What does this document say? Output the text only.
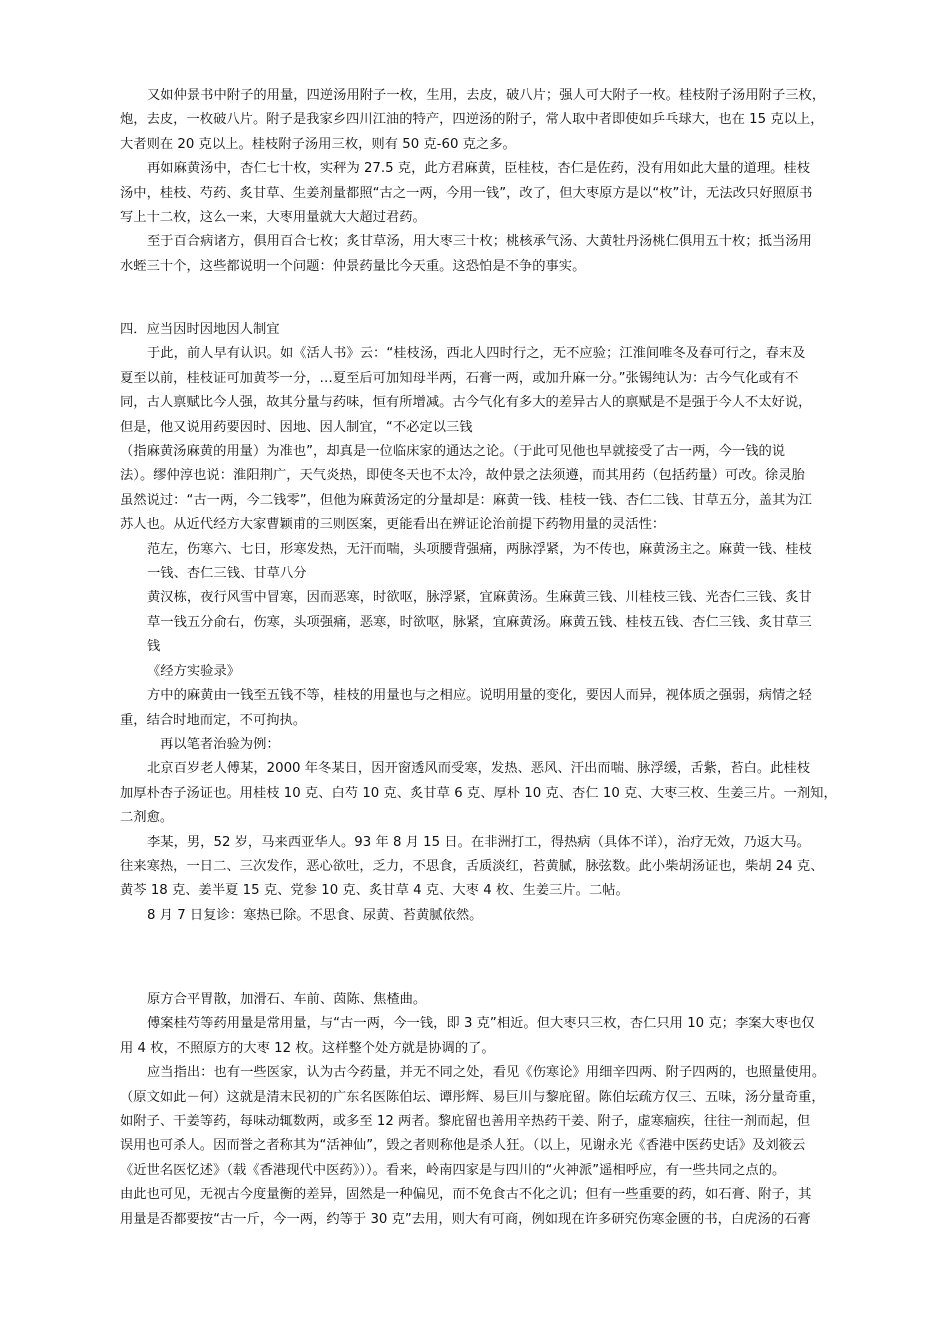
又如仲景书中附子的用量，四逆汤用附子一枚，生用，去皮，破八片；强人可大附子一枚。桂枝附子汤用附子三枚，

炮，去皮，一枚破八片。附子是我家乡四川江油的特产，四逆汤的附子，常人取中者即使如乒乓球大，也在 15 克以上，

大者则在 20 克以上。桂枝附子汤用三枚，则有 50 克-60 克之多。

再如麻黄汤中，杏仁七十枚，实秤为 27.5 克，此方君麻黄，臣桂枝，杏仁是佐药，没有用如此大量的道理。桂枝

汤中，桂枝、芍药、炙甘草、生姜剂量都照“古之一两，今用一钱”，改了，但大枣原方是以“枚”计，无法改只好照原书

写上十二枚，这么一来，大枣用量就大大超过君药。

至于百合病诸方，俱用百合七枚；炙甘草汤，用大枣三十枚；桃核承气汤、大黄牡丹汤桃仁俱用五十枚；抵当汤用

水蛭三十个，这些都说明一个问题：仲景药量比今天重。这恐怕是不争的事实。

四．应当因时因地因人制宜

于此，前人早有认识。如《活人书》云：“桂枝汤，西北人四时行之，无不应验；江淮间唯冬及春可行之，春末及

夏至以前，桂枝证可加黄芩一分，…夏至后可加知母半两，石膏一两，或加升麻一分。”张锡纯认为：古今气化或有不

同，古人禀赋比今人强，故其分量与药味，恒有所增减。古今气化有多大的差异古人的禀赋是不是强于今人不太好说，

但是，他又说用药要因时、因地、因人制宜，“不必定以三钱

（指麻黄汤麻黄的用量）为准也”，却真是一位临床家的通达之论。（于此可见他也早就接受了古一两，今一钱的说

法）。缪仲淳也说：淮阳荆广，天气炎热，即使冬天也不太冷，故仲景之法须遵，而其用药（包括药量）可改。徐灵胎

虽然说过：“古一两，今二钱零”，但他为麻黄汤定的分量却是：麻黄一钱、桂枝一钱、杏仁二钱、甘草五分，盖其为江

苏人也。从近代经方大家曹颖甫的三则医案，更能看出在辨证论治前提下药物用量的灵活性：

范左，伤寒六、七日，形寒发热，无汗而喘，头项腰背强痛，两脉浮紧，为不传也，麻黄汤主之。麻黄一钱、桂枝

一钱、杏仁三钱、甘草八分

黄汉栋，夜行风雪中冒寒，因而恶寒，时欲呕，脉浮紧，宜麻黄汤。生麻黄三钱、川桂枝三钱、光杏仁三钱、炙甘

草一钱五分俞右，伤寒，头项强痛，恶寒，时欲呕，脉紧，宜麻黄汤。麻黄五钱、桂枝五钱、杏仁三钱、炙甘草三

钱

《经方实验录》

方中的麻黄由一钱至五钱不等，桂枝的用量也与之相应。说明用量的变化，要因人而异，视体质之强弱，病情之轻

重，结合时地而定，不可拘执。

再以笔者治验为例：

北京百岁老人傅某，2000 年冬某日，因开窗透风而受寒，发热、恶风、汗出而喘、脉浮缓，舌紫，苔白。此桂枝

加厚朴杏子汤证也。用桂枝 10 克、白芍 10 克、炙甘草 6 克、厚朴 10 克、杏仁 10 克、大枣三枚、生姜三片。一剂知，

二剂愈。

李某，男，52 岁，马来西亚华人。93 年 8 月 15 日。在非洲打工，得热病（具体不详），治疗无效，乃返大马。

往来寒热，一日二、三次发作，恶心欲吐，乏力，不思食，舌质淡红，苔黄腻，脉弦数。此小柴胡汤证也，柴胡 24 克、

黄芩 18 克、姜半夏 15 克、党参 10 克、炙甘草 4 克、大枣 4 枚、生姜三片。二帖。

8 月 7 日复诊：寒热已除。不思食、尿黄、苔黄腻依然。

原方合平胃散，加滑石、车前、茵陈、焦楂曲。

傅案桂芍等药用量是常用量，与“古一两，今一钱，即 3 克”相近。但大枣只三枚，杏仁只用 10 克；李案大枣也仅

用 4 枚，不照原方的大枣 12 枚。这样整个处方就是协调的了。

应当指出：也有一些医家，认为古今药量，并无不同之处，看见《伤寒论》用细辛四两、附子四两的，也照量使用。

（原文如此－何）这就是清末民初的广东名医陈伯坛、谭彤辉、易巨川与黎庇留。陈伯坛疏方仅三、五味，汤分量奇重，

如附子、干姜等药，每味动辄数两，或多至 12 两者。黎庇留也善用辛热药干姜、附子，虚寒痼疾，往往一剂而起，但

误用也可杀人。因而誉之者称其为“活神仙”，毁之者则称他是杀人狂。（以上，见谢永光《香港中医药史话》及刘筱云

《近世名医忆述》（载《香港现代中医药》））。看来，岭南四家是与四川的“火神派”遥相呼应，有一些共同之点的。

由此也可见，无视古今度量衡的差异，固然是一种偏见，而不免食古不化之讥；但有一些重要的药，如石膏、附子，其

用量是否都要按“古一斤，今一两，约等于 30 克”去用，则大有可商，例如现在许多研究伤寒金匮的书，白虎汤的石膏
